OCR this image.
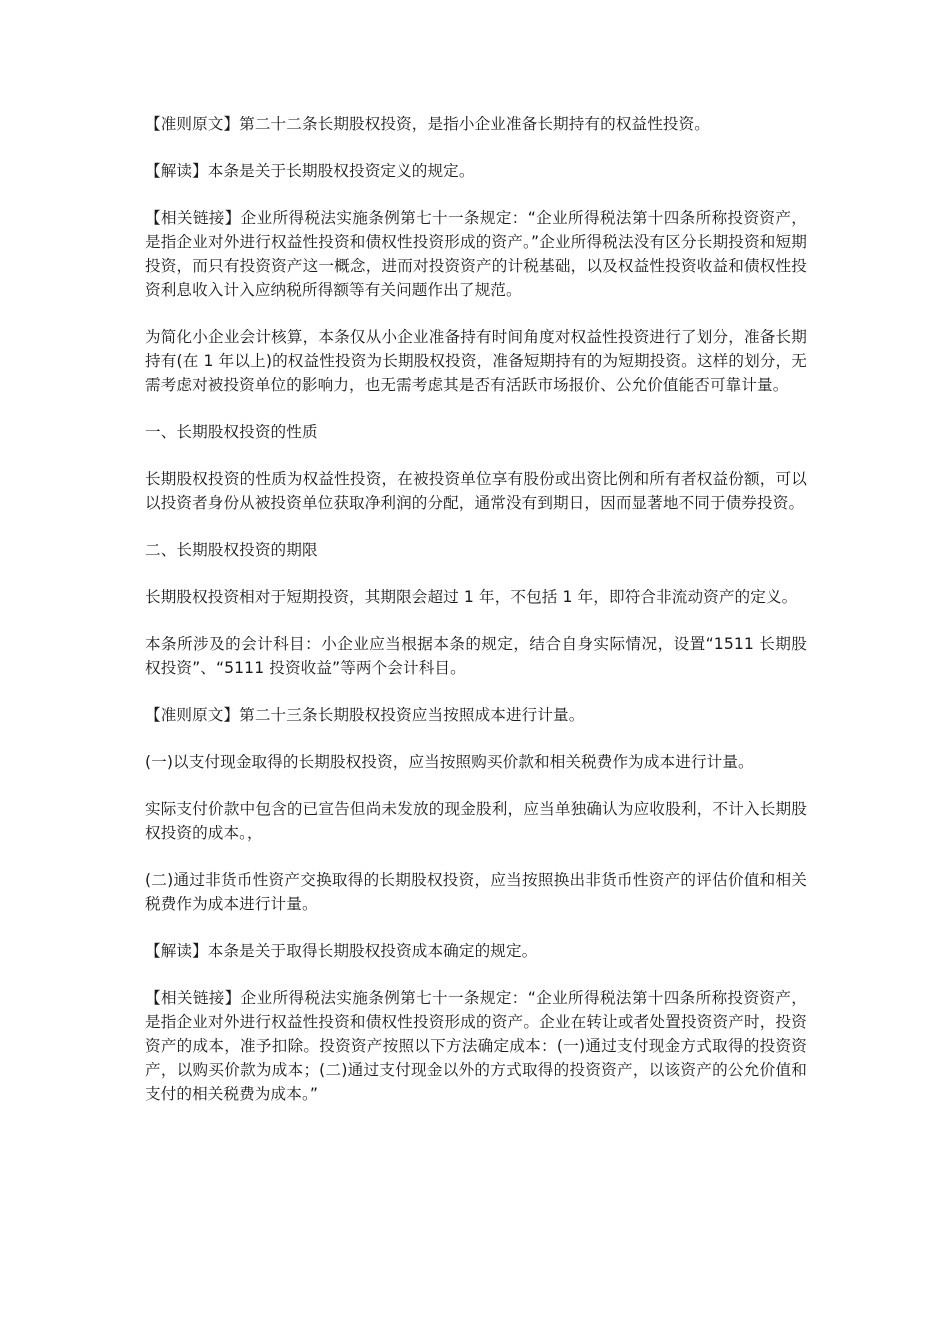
【准则原文】第二十二条长期股权投资，是指小企业准备长期持有的权益性投资。

【解读】本条是关于长期股权投资定义的规定。

【相关链接】企业所得税法实施条例第七十一条规定：“企业所得税法第十四条所称投资资产，是指企业对外进行权益性投资和债权性投资形成的资产。”企业所得税法没有区分长期投资和短期投资，而只有投资资产这一概念，进而对投资资产的计税基础，以及权益性投资收益和债权性投资利息收入计入应纳税所得额等有关问题作出了规范。

为简化小企业会计核算，本条仅从小企业准备持有时间角度对权益性投资进行了划分，准备长期持有(在 1 年以上)的权益性投资为长期股权投资，准备短期持有的为短期投资。这样的划分，无需考虑对被投资单位的影响力，也无需考虑其是否有活跃市场报价、公允价值能否可靠计量。

一、长期股权投资的性质

长期股权投资的性质为权益性投资，在被投资单位享有股份或出资比例和所有者权益份额，可以以投资者身份从被投资单位获取净利润的分配，通常没有到期日，因而显著地不同于债券投资。

二、长期股权投资的期限

长期股权投资相对于短期投资，其期限会超过 1 年，不包括 1 年，即符合非流动资产的定义。

本条所涉及的会计科目：小企业应当根据本条的规定，结合自身实际情况，设置“1511 长期股权投资”、“5111 投资收益”等两个会计科目。

【准则原文】第二十三条长期股权投资应当按照成本进行计量。

(一)以支付现金取得的长期股权投资，应当按照购买价款和相关税费作为成本进行计量。

实际支付价款中包含的已宣告但尚未发放的现金股利，应当单独确认为应收股利，不计入长期股权投资的成本。，

(二)通过非货币性资产交换取得的长期股权投资，应当按照换出非货币性资产的评估价值和相关税费作为成本进行计量。

【解读】本条是关于取得长期股权投资成本确定的规定。

【相关链接】企业所得税法实施条例第七十一条规定：“企业所得税法第十四条所称投资资产，是指企业对外进行权益性投资和债权性投资形成的资产。企业在转让或者处置投资资产时，投资资产的成本，准予扣除。投资资产按照以下方法确定成本：(一)通过支付现金方式取得的投资资产，以购买价款为成本；(二)通过支付现金以外的方式取得的投资资产，以该资产的公允价值和支付的相关税费为成本。”
